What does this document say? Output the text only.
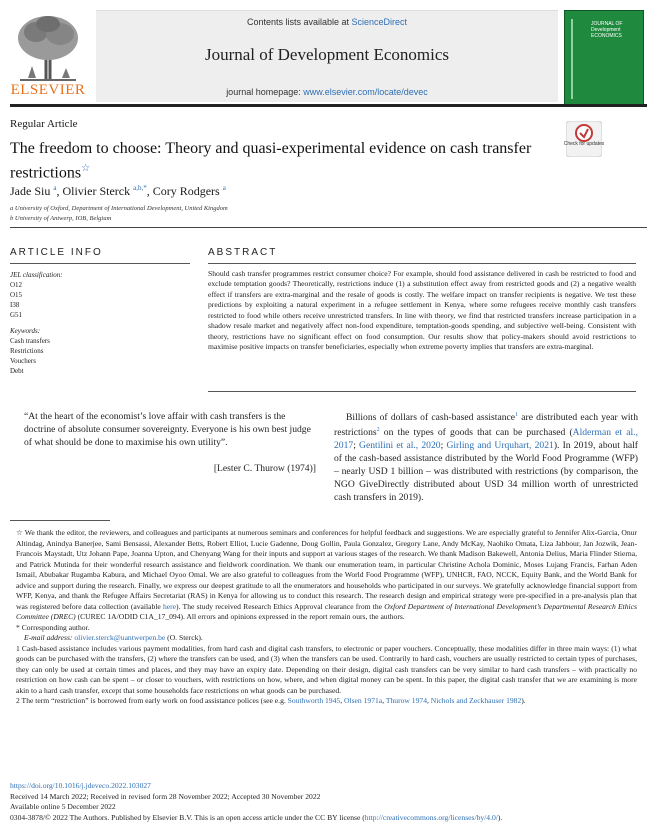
ELSEVIER
Contents lists available at ScienceDirect
Journal of Development Economics
journal homepage: www.elsevier.com/locate/devec
JOURNAL OF Development ECONOMICS
Regular Article
The freedom to choose: Theory and quasi-experimental evidence on cash transfer restrictions☆
Check for updates
Jade Siu $^a$, Olivier Sterck $^{a,b,*}$, Cory Rodgers $^a$
a University of Oxford, Department of International Development, United Kingdom
b University of Antwerp, IOB, Belgium
ARTICLE INFO	ABSTRACT
JEL classification:
O12
O15
I38
G51
Keywords:
Cash transfers
Restrictions
Vouchers
Debt
Should cash transfer programmes restrict consumer choice? For example, should food assistance delivered in cash be restricted to food and exclude temptation goods? Theoretically, restrictions induce (1) a substitution effect away from restricted goods and (2) a negative wealth effect if transfers are extra-marginal and the resale of goods is costly. The welfare impact on transfer recipients is negative. We test these predictions by exploiting a natural experiment in a refugee settlement in Kenya, where some refugees receive monthly cash transfers restricted to food while others receive unrestricted transfers. In line with theory, we find that restricted transfers increase participation in a shadow resale market and negatively affect non-food expenditure, temptation-goods spending, and subjective well-being. Consistent with theory, restrictions have no significant effect on food consumption. Our results show that policy-makers should avoid restrictions to maximise positive impacts on transfer beneficiaries, especially when extreme poverty implies that transfers are extra-marginal.
“At the heart of the economist’s love affair with cash transfers is the doctrine of absolute consumer sovereignty. Everyone is his own best judge of what should be done to maximise his own utility”.
[Lester C. Thurow (1974)]
Billions of dollars of cash-based assistance$^1$ are distributed each year with restrictions$^2$ on the types of goods that can be purchased (Alderman et al., 2017; Gentilini et al., 2020; Girling and Urquhart, 2021). In 2019, about half of the cash-based assistance distributed by the World Food Programme (WFP) – nearly USD 1 billion – was distributed with restrictions (by comparison, the NGO GiveDirectly distributed about USD 34 million worth of unrestricted cash transfers in 2019).

☆ We thank the editor, the reviewers, and colleagues and participants at numerous seminars and conferences for helpful feedback and suggestions. We are especially grateful to Jennifer Alix-Garcia, Onur Altindag, Anindya Banerjee, Sami Bensassi, Alexander Betts, Robert Elliot, Lucie Gadenne, Doug Gollin, Paula Gonzalez, Gregory Lane, Andy McKay, Naohiko Omata, Liza Jabbour, Jan Jozwik, Jean-Francois Maystadt, Utz Johann Pape, Joanna Upton, and Chenyang Wang for their inputs and support at various stages of the research. We thank Madison Bakewell, Antonia Delius, Maria Flinder Stierna, and Patrick Mutinda for their wonderful research assistance and fieldwork coordination. We thank our enumeration team, in particular Christine Achola Dominic, Moses Lujang Francis, Farhan Aden Ismail, Abubakar Rugamba Kabura, and Michael Oyoo Omal. We are also grateful to colleagues from the World Food Programme (WFP), UNHCR, FAO, NCCK, Equity Bank, and the World Bank for advice and support during the research. Finally, we express our deepest gratitude to all the enumerators and households who participated in our surveys. We gratefully acknowledge financial support from WFP, Kenya, and thank the Refugee Affairs Secretariat (RAS) in Kenya for allowing us to conduct this research. The research design and empirical strategy were pre-specified in a pre-analysis plan that was registered before data collection (available here). The study received Research Ethics Approval clearance from the Oxford Department of International Development’s Departmental Research Ethics Committee (DREC) (CUREC 1A/ODID C1A_17_094). All errors and opinions expressed in the report remain ours, the authors.

* Corresponding author.

E-mail address: olivier.sterck@uantwerpen.be (O. Sterck).

1 Cash-based assistance includes various payment modalities, from hard cash and digital cash transfers, to electronic or paper vouchers. Conceptually, these modalities differ in three main ways: (1) what goods can be purchased with the transfers, (2) where the transfers can be used, and (3) when the transfers can be used. Contrarily to hard cash, vouchers are usually restricted to certain types of purchases, they can only be used at certain times and places, and they may have an expiry date. Depending on their design, digital cash transfers can be very similar to hard cash transfers – with practically no restriction on how cash can be spent – or closer to vouchers, with restrictions on how, where, and when digital money can be spent. In this paper, the digital cash transfer that we are examining is more akin to a hard cash transfer, except that some households face restrictions on what goods can be purchased.

2 The term “restriction” is borrowed from early work on food assistance polices (see e.g. Southworth 1945, Olsen 1971a, Thurow 1974, Nichols and Zeckhauser 1982).

https://doi.org/10.1016/j.jdeveco.2022.103027
Received 14 March 2022; Received in revised form 28 November 2022; Accepted 30 November 2022
Available online 5 December 2022
0304-3878/© 2022 The Authors. Published by Elsevier B.V. This is an open access article under the CC BY license (http://creativecommons.org/licenses/by/4.0/).
